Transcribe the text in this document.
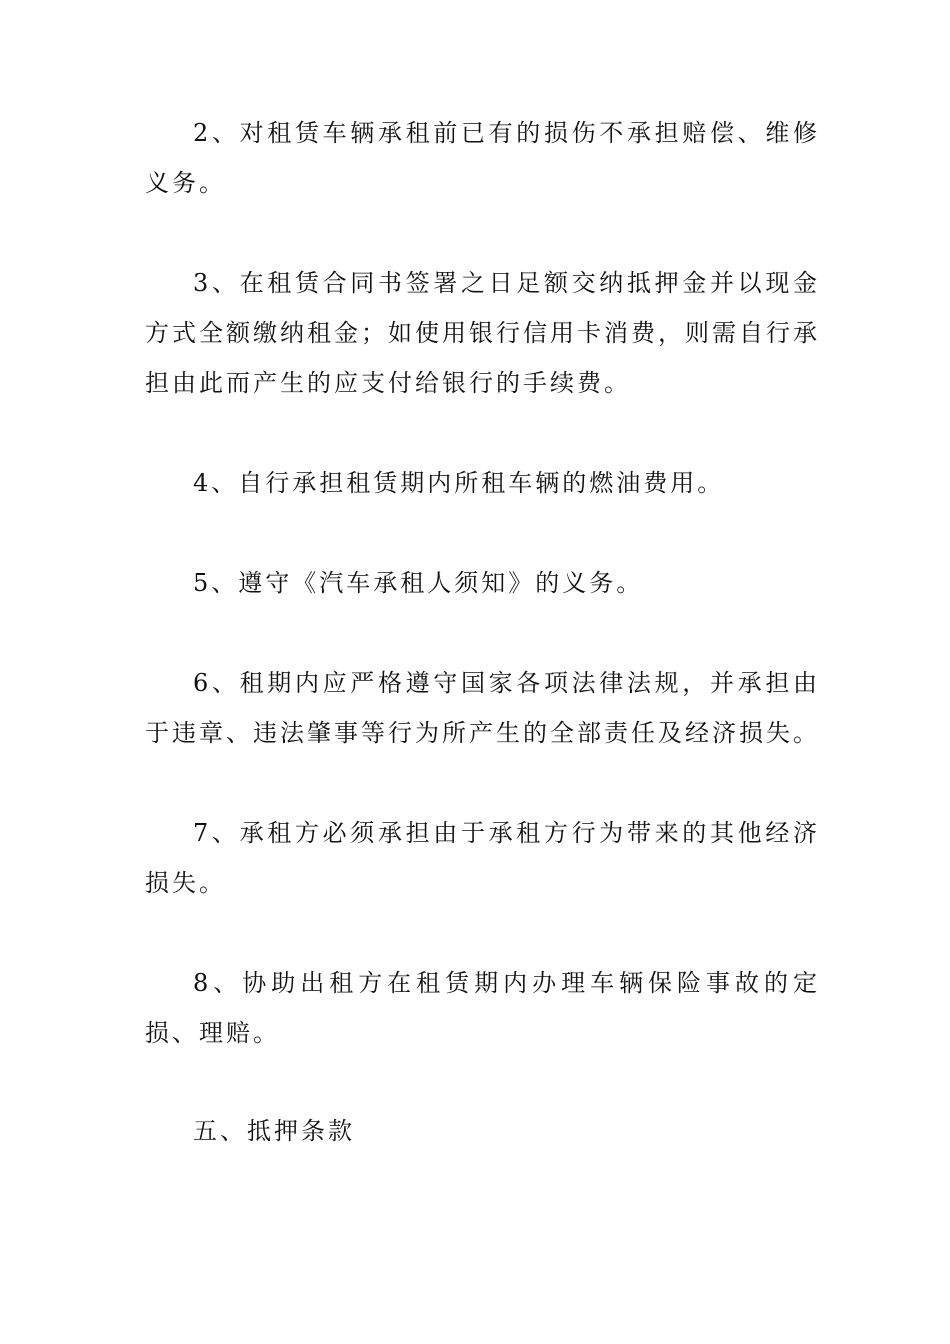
2、对租赁车辆承租前已有的损伤不承担赔偿、维修义务。

3、在租赁合同书签署之日足额交纳抵押金并以现金方式全额缴纳租金；如使用银行信用卡消费，则需自行承担由此而产生的应支付给银行的手续费。

4、自行承担租赁期内所租车辆的燃油费用。

5、遵守《汽车承租人须知》的义务。

6、租期内应严格遵守国家各项法律法规，并承担由于违章、违法肇事等行为所产生的全部责任及经济损失。

7、承租方必须承担由于承租方行为带来的其他经济损失。

8、协助出租方在租赁期内办理车辆保险事故的定损、理赔。

五、抵押条款
